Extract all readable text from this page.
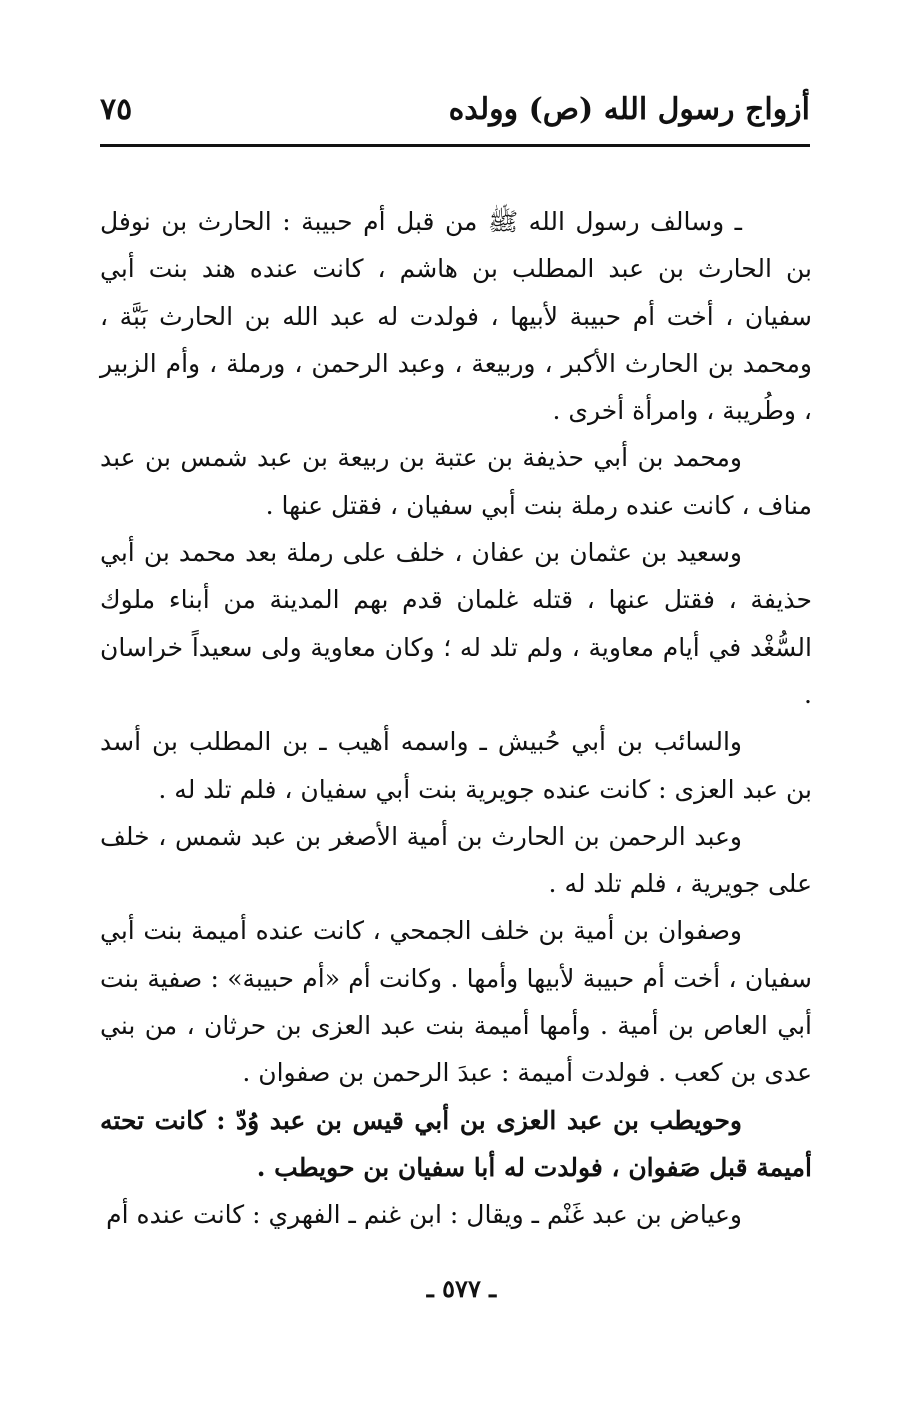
أزواج رسول الله (ص) وولده
٧٥

ـ وسالف رسول الله ﷺ من قبل أم حبيبة : الحارث بن نوفل بن الحارث بن عبد المطلب بن هاشم ، كانت عنده هند بنت أبي سفيان ، أخت أم حبيبة لأبيها ، فولدت له عبد الله بن الحارث بَبَّة ، ومحمد بن الحارث الأكبر ، وربيعة ، وعبد الرحمن ، ورملة ، وأم الزبير ، وطُريبة ، وامرأة أخرى .

ومحمد بن أبي حذيفة بن عتبة بن ربيعة بن عبد شمس بن عبد مناف ، كانت عنده رملة بنت أبي سفيان ، فقتل عنها .

وسعيد بن عثمان بن عفان ، خلف على رملة بعد محمد بن أبي حذيفة ، فقتل عنها ، قتله غلمان قدم بهم المدينة من أبناء ملوك السُّغْد في أيام معاوية ، ولم تلد له ؛ وكان معاوية ولى سعيداً خراسان .

والسائب بن أبي حُبيش ـ واسمه أهيب ـ بن المطلب بن أسد بن عبد العزى : كانت عنده جويرية بنت أبي سفيان ، فلم تلد له .

وعبد الرحمن بن الحارث بن أمية الأصغر بن عبد شمس ، خلف على جويرية ، فلم تلد له .

وصفوان بن أمية بن خلف الجمحي ، كانت عنده أميمة بنت أبي سفيان ، أخت أم حبيبة لأبيها وأمها . وكانت أم «أم حبيبة» : صفية بنت أبي العاص بن أمية . وأمها أميمة بنت عبد العزى بن حرثان ، من بني عدى بن كعب . فولدت أميمة : عبدَ الرحمن بن صفوان .

وحويطب بن عبد العزى بن أبي قيس بن عبد وُدّ : كانت تحته أميمة قبل صَفوان ، فولدت له أبا سفيان بن حويطب .

وعياض بن عبد غَنْم ـ ويقال : ابن غنم ـ الفهري : كانت عنده أم

ـ ٥٧٧ ـ
